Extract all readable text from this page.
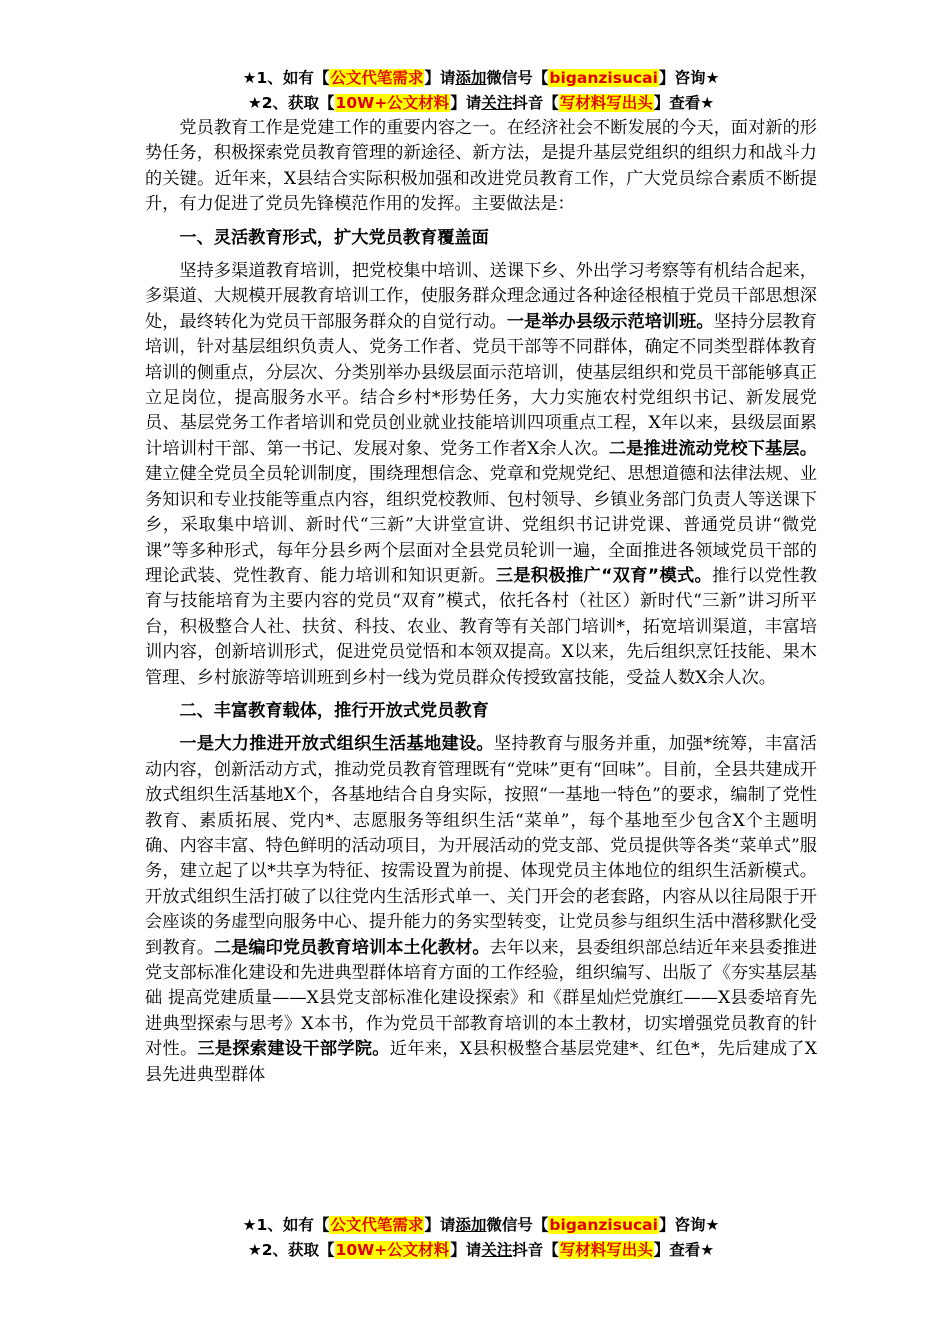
★1、如有【公文代笔需求】请添加微信号【biganzisucai】咨询★
★2、获取【10W+公文材料】请关注抖音【写材料写出头】查看★

党员教育工作是党建工作的重要内容之一。在经济社会不断发展的今天，面对新的形势任务，积极探索党员教育管理的新途径、新方法，是提升基层党组织的组织力和战斗力的关键。近年来，X县结合实际积极加强和改进党员教育工作，广大党员综合素质不断提升，有力促进了党员先锋模范作用的发挥。主要做法是：

一、灵活教育形式，扩大党员教育覆盖面

坚持多渠道教育培训，把党校集中培训、送课下乡、外出学习考察等有机结合起来，多渠道、大规模开展教育培训工作，使服务群众理念通过各种途径根植于党员干部思想深处，最终转化为党员干部服务群众的自觉行动。一是举办县级示范培训班。坚持分层教育培训，针对基层组织负责人、党务工作者、党员干部等不同群体，确定不同类型群体教育培训的侧重点，分层次、分类别举办县级层面示范培训，使基层组织和党员干部能够真正立足岗位，提高服务水平。结合乡村*形势任务，大力实施农村党组织书记、新发展党员、基层党务工作者培训和党员创业就业技能培训四项重点工程，X年以来，县级层面累计培训村干部、第一书记、发展对象、党务工作者X余人次。二是推进流动党校下基层。建立健全党员全员轮训制度，围绕理想信念、党章和党规党纪、思想道德和法律法规、业务知识和专业技能等重点内容，组织党校教师、包村领导、乡镇业务部门负责人等送课下乡，采取集中培训、新时代“三新”大讲堂宣讲、党组织书记讲党课、普通党员讲“微党课”等多种形式，每年分县乡两个层面对全县党员轮训一遍，全面推进各领域党员干部的理论武装、党性教育、能力培训和知识更新。三是积极推广“双育”模式。推行以党性教育与技能培育为主要内容的党员“双育”模式，依托各村（社区）新时代“三新”讲习所平台，积极整合人社、扶贫、科技、农业、教育等有关部门培训*，拓宽培训渠道，丰富培训内容，创新培训形式，促进党员觉悟和本领双提高。X以来，先后组织烹饪技能、果木管理、乡村旅游等培训班到乡村一线为党员群众传授致富技能，受益人数X余人次。

二、丰富教育载体，推行开放式党员教育

一是大力推进开放式组织生活基地建设。坚持教育与服务并重，加强*统筹，丰富活动内容，创新活动方式，推动党员教育管理既有“党味”更有“回味”。目前，全县共建成开放式组织生活基地X个，各基地结合自身实际，按照“一基地一特色”的要求，编制了党性教育、素质拓展、党内*、志愿服务等组织生活“菜单”，每个基地至少包含X个主题明确、内容丰富、特色鲜明的活动项目，为开展活动的党支部、党员提供等各类“菜单式”服务，建立起了以*共享为特征、按需设置为前提、体现党员主体地位的组织生活新模式。开放式组织生活打破了以往党内生活形式单一、关门开会的老套路，内容从以往局限于开会座谈的务虚型向服务中心、提升能力的务实型转变，让党员参与组织生活中潜移默化受到教育。二是编印党员教育培训本土化教材。去年以来，县委组织部总结近年来县委推进党支部标准化建设和先进典型群体培育方面的工作经验，组织编写、出版了《夯实基层基础 提高党建质量——X县党支部标准化建设探索》和《群星灿烂党旗红——X县委培育先进典型探索与思考》X本书，作为党员干部教育培训的本土教材，切实增强党员教育的针对性。三是探索建设干部学院。近年来，X县积极整合基层党建*、红色*，先后建成了X县先进典型群体

★1、如有【公文代笔需求】请添加微信号【biganzisucai】咨询★
★2、获取【10W+公文材料】请关注抖音【写材料写出头】查看★
